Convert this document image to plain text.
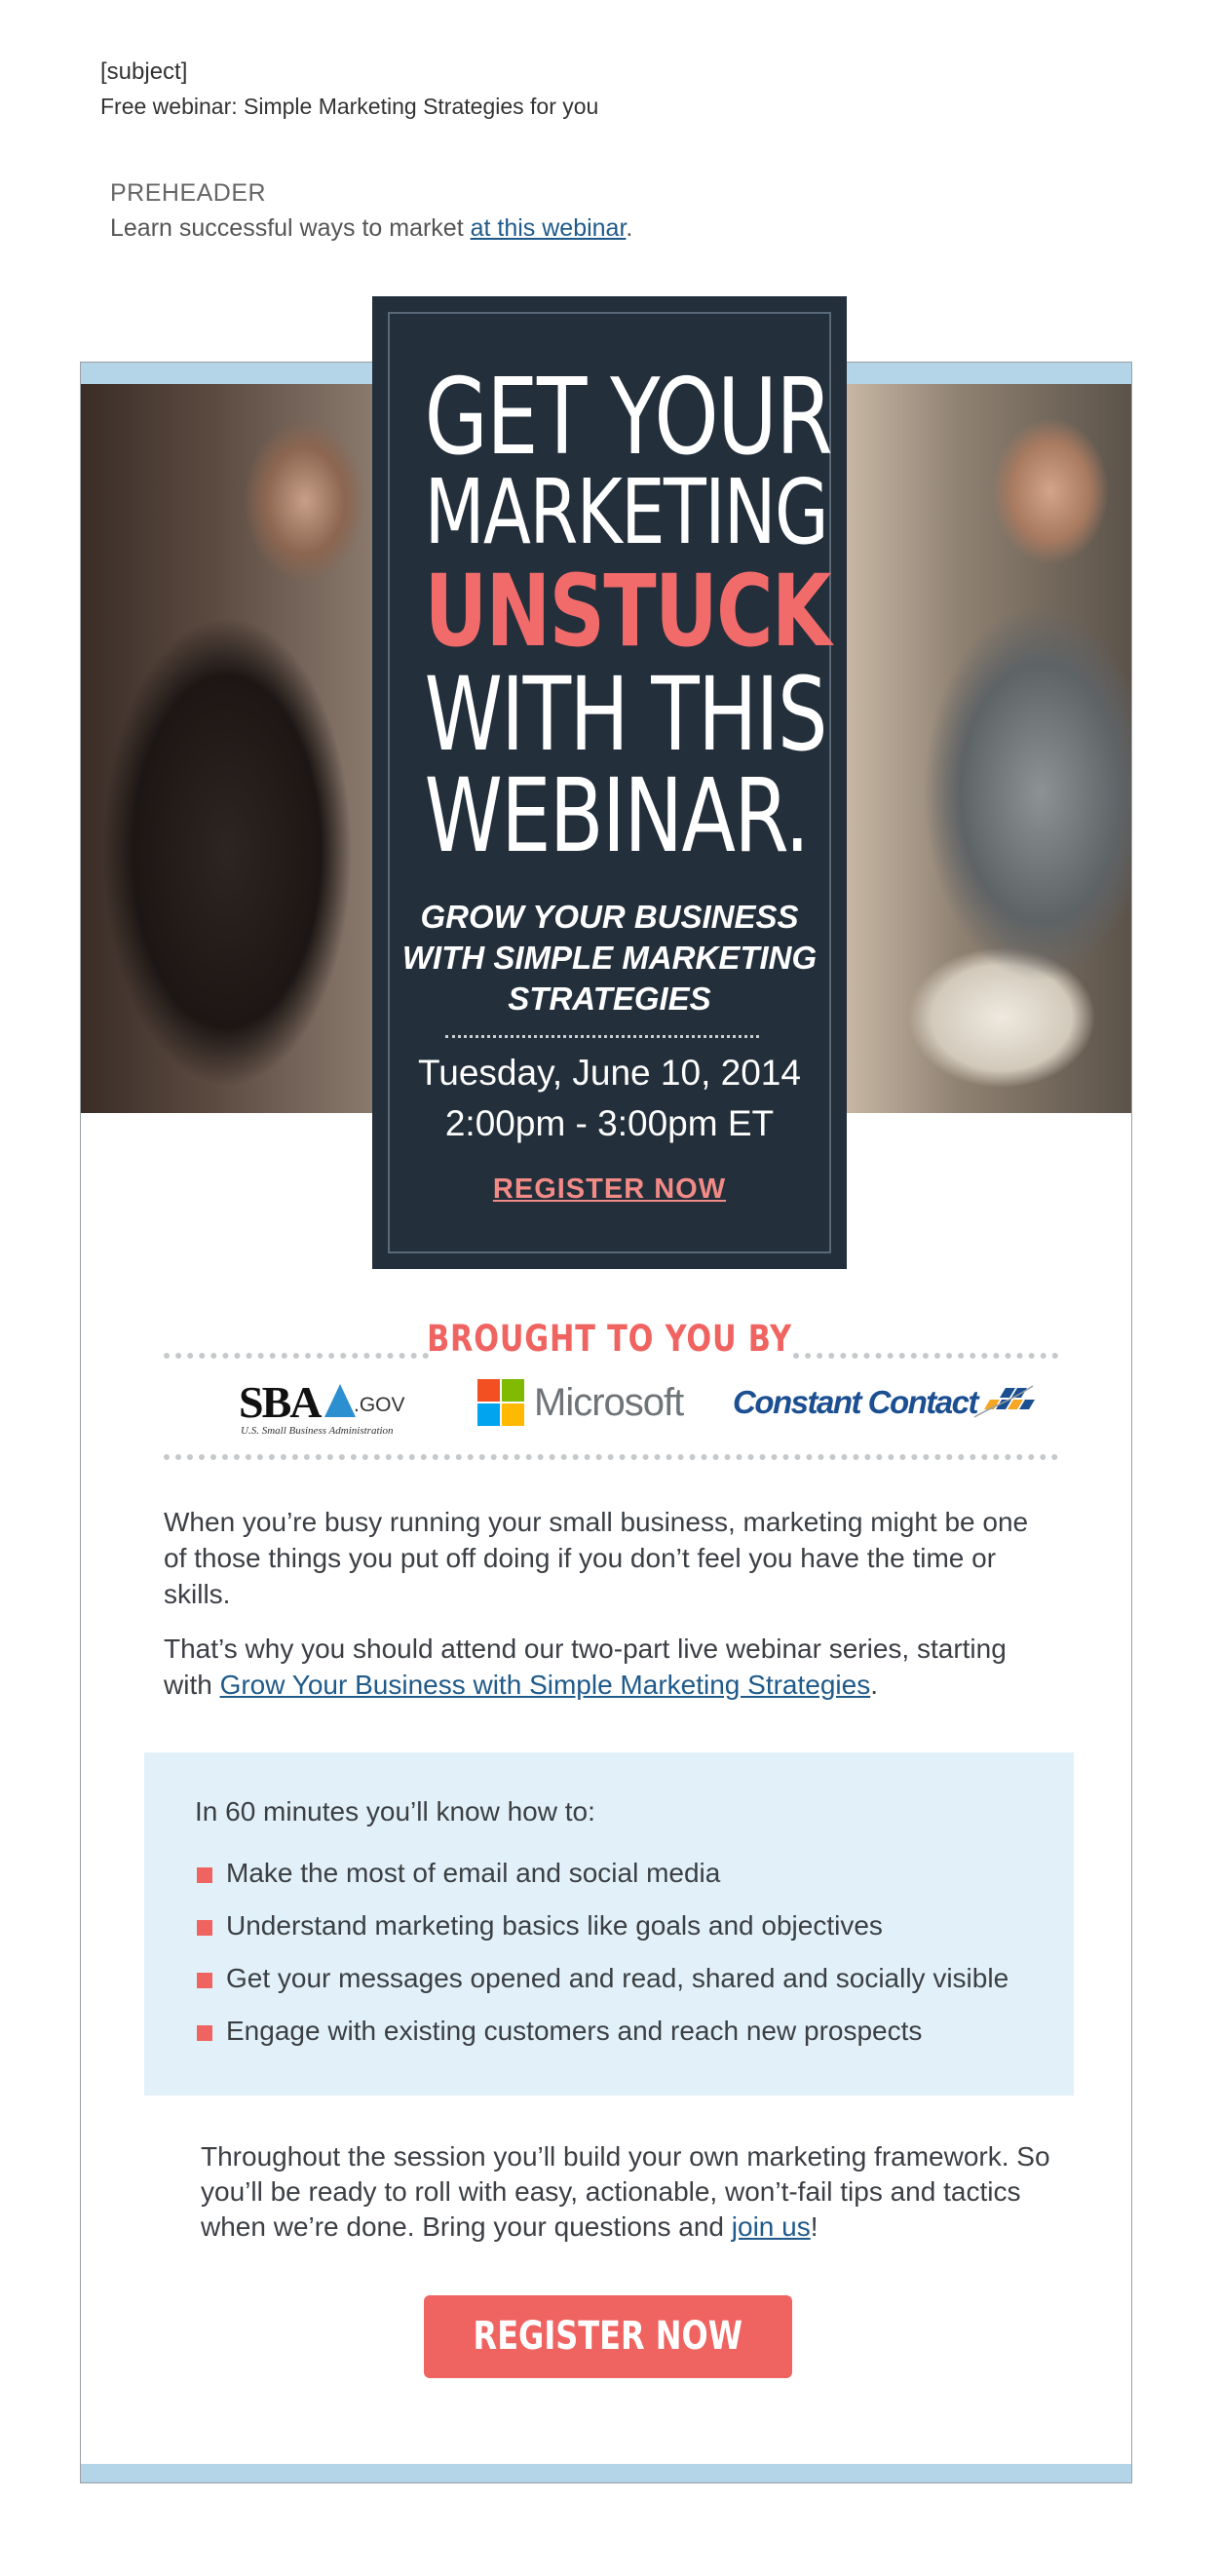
[subject]
Free webinar: Simple Marketing Strategies for you
PREHEADER
Learn successful ways to market at this webinar.
GET YOUR
MARKETING
UNSTUCK
WITH THIS
WEBINAR.
GROW YOUR BUSINESS WITH SIMPLE MARKETING STRATEGIES
Tuesday, June 10, 2014
2:00pm - 3:00pm ET
REGISTER NOW
BROUGHT TO YOU BY
SBA .GOV
U.S. Small Business Administration
Microsoft Constant Contact
When you’re busy running your small business, marketing might be one of those things you put off doing if you don’t feel you have the time or skills.
That’s why you should attend our two-part live webinar series, starting with Grow Your Business with Simple Marketing Strategies.
In 60 minutes you’ll know how to:
Make the most of email and social media
Understand marketing basics like goals and objectives
Get your messages opened and read, shared and socially visible
Engage with existing customers and reach new prospects
Throughout the session you’ll build your own marketing framework. So you’ll be ready to roll with easy, actionable, won’t-fail tips and tactics when we’re done. Bring your questions and join us!
REGISTER NOW
